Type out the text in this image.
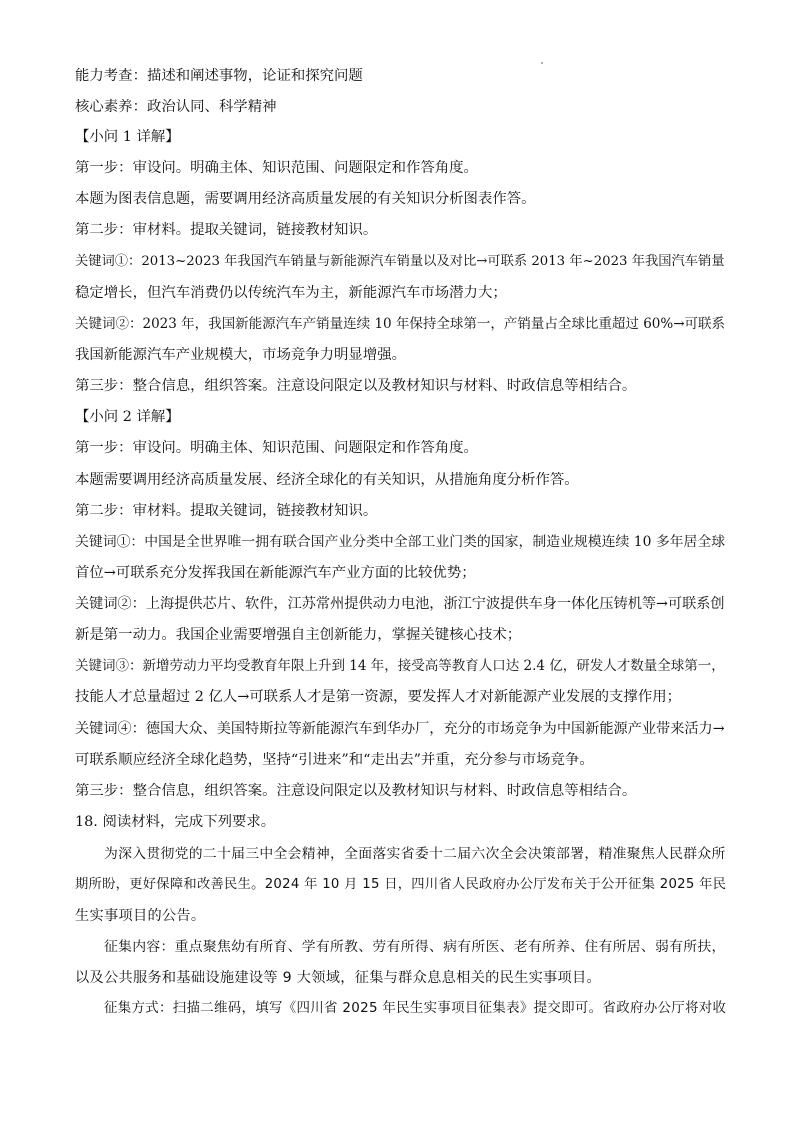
能力考查：描述和阐述事物，论证和探究问题
核心素养：政治认同、科学精神
【小问 1 详解】
第一步：审设问。明确主体、知识范围、问题限定和作答角度。
本题为图表信息题，需要调用经济高质量发展的有关知识分析图表作答。
第二步：审材料。提取关键词，链接教材知识。
关键词①：2013~2023 年我国汽车销量与新能源汽车销量以及对比→可联系 2013 年~2023 年我国汽车销量
稳定增长，但汽车消费仍以传统汽车为主，新能源汽车市场潜力大；
关键词②：2023 年，我国新能源汽车产销量连续 10 年保持全球第一，产销量占全球比重超过 60%→可联系
我国新能源汽车产业规模大，市场竞争力明显增强。
第三步：整合信息，组织答案。注意设问限定以及教材知识与材料、时政信息等相结合。
【小问 2 详解】
第一步：审设问。明确主体、知识范围、问题限定和作答角度。
本题需要调用经济高质量发展、经济全球化的有关知识，从措施角度分析作答。
第二步：审材料。提取关键词，链接教材知识。
关键词①：中国是全世界唯一拥有联合国产业分类中全部工业门类的国家，制造业规模连续 10 多年居全球
首位→可联系充分发挥我国在新能源汽车产业方面的比较优势；
关键词②：上海提供芯片、软件，江苏常州提供动力电池，浙江宁波提供车身一体化压铸机等→可联系创
新是第一动力。我国企业需要增强自主创新能力，掌握关键核心技术；
关键词③：新增劳动力平均受教育年限上升到 14 年，接受高等教育人口达 2.4 亿，研发人才数量全球第一，
技能人才总量超过 2 亿人→可联系人才是第一资源，要发挥人才对新能源产业发展的支撑作用；
关键词④：德国大众、美国特斯拉等新能源汽车到华办厂，充分的市场竞争为中国新能源产业带来活力→
可联系顺应经济全球化趋势，坚持“引进来”和“走出去”并重，充分参与市场竞争。
第三步：整合信息，组织答案。注意设问限定以及教材知识与材料、时政信息等相结合。
18. 阅读材料，完成下列要求。
为深入贯彻党的二十届三中全会精神，全面落实省委十二届六次全会决策部署，精准聚焦人民群众所
期所盼，更好保障和改善民生。2024 年 10 月 15 日，四川省人民政府办公厅发布关于公开征集 2025 年民
生实事项目的公告。
征集内容：重点聚焦幼有所育、学有所教、劳有所得、病有所医、老有所养、住有所居、弱有所扶，
以及公共服务和基础设施建设等 9 大领域，征集与群众息息相关的民生实事项目。
征集方式：扫描二维码，填写《四川省 2025 年民生实事项目征集表》提交即可。省政府办公厅将对收
